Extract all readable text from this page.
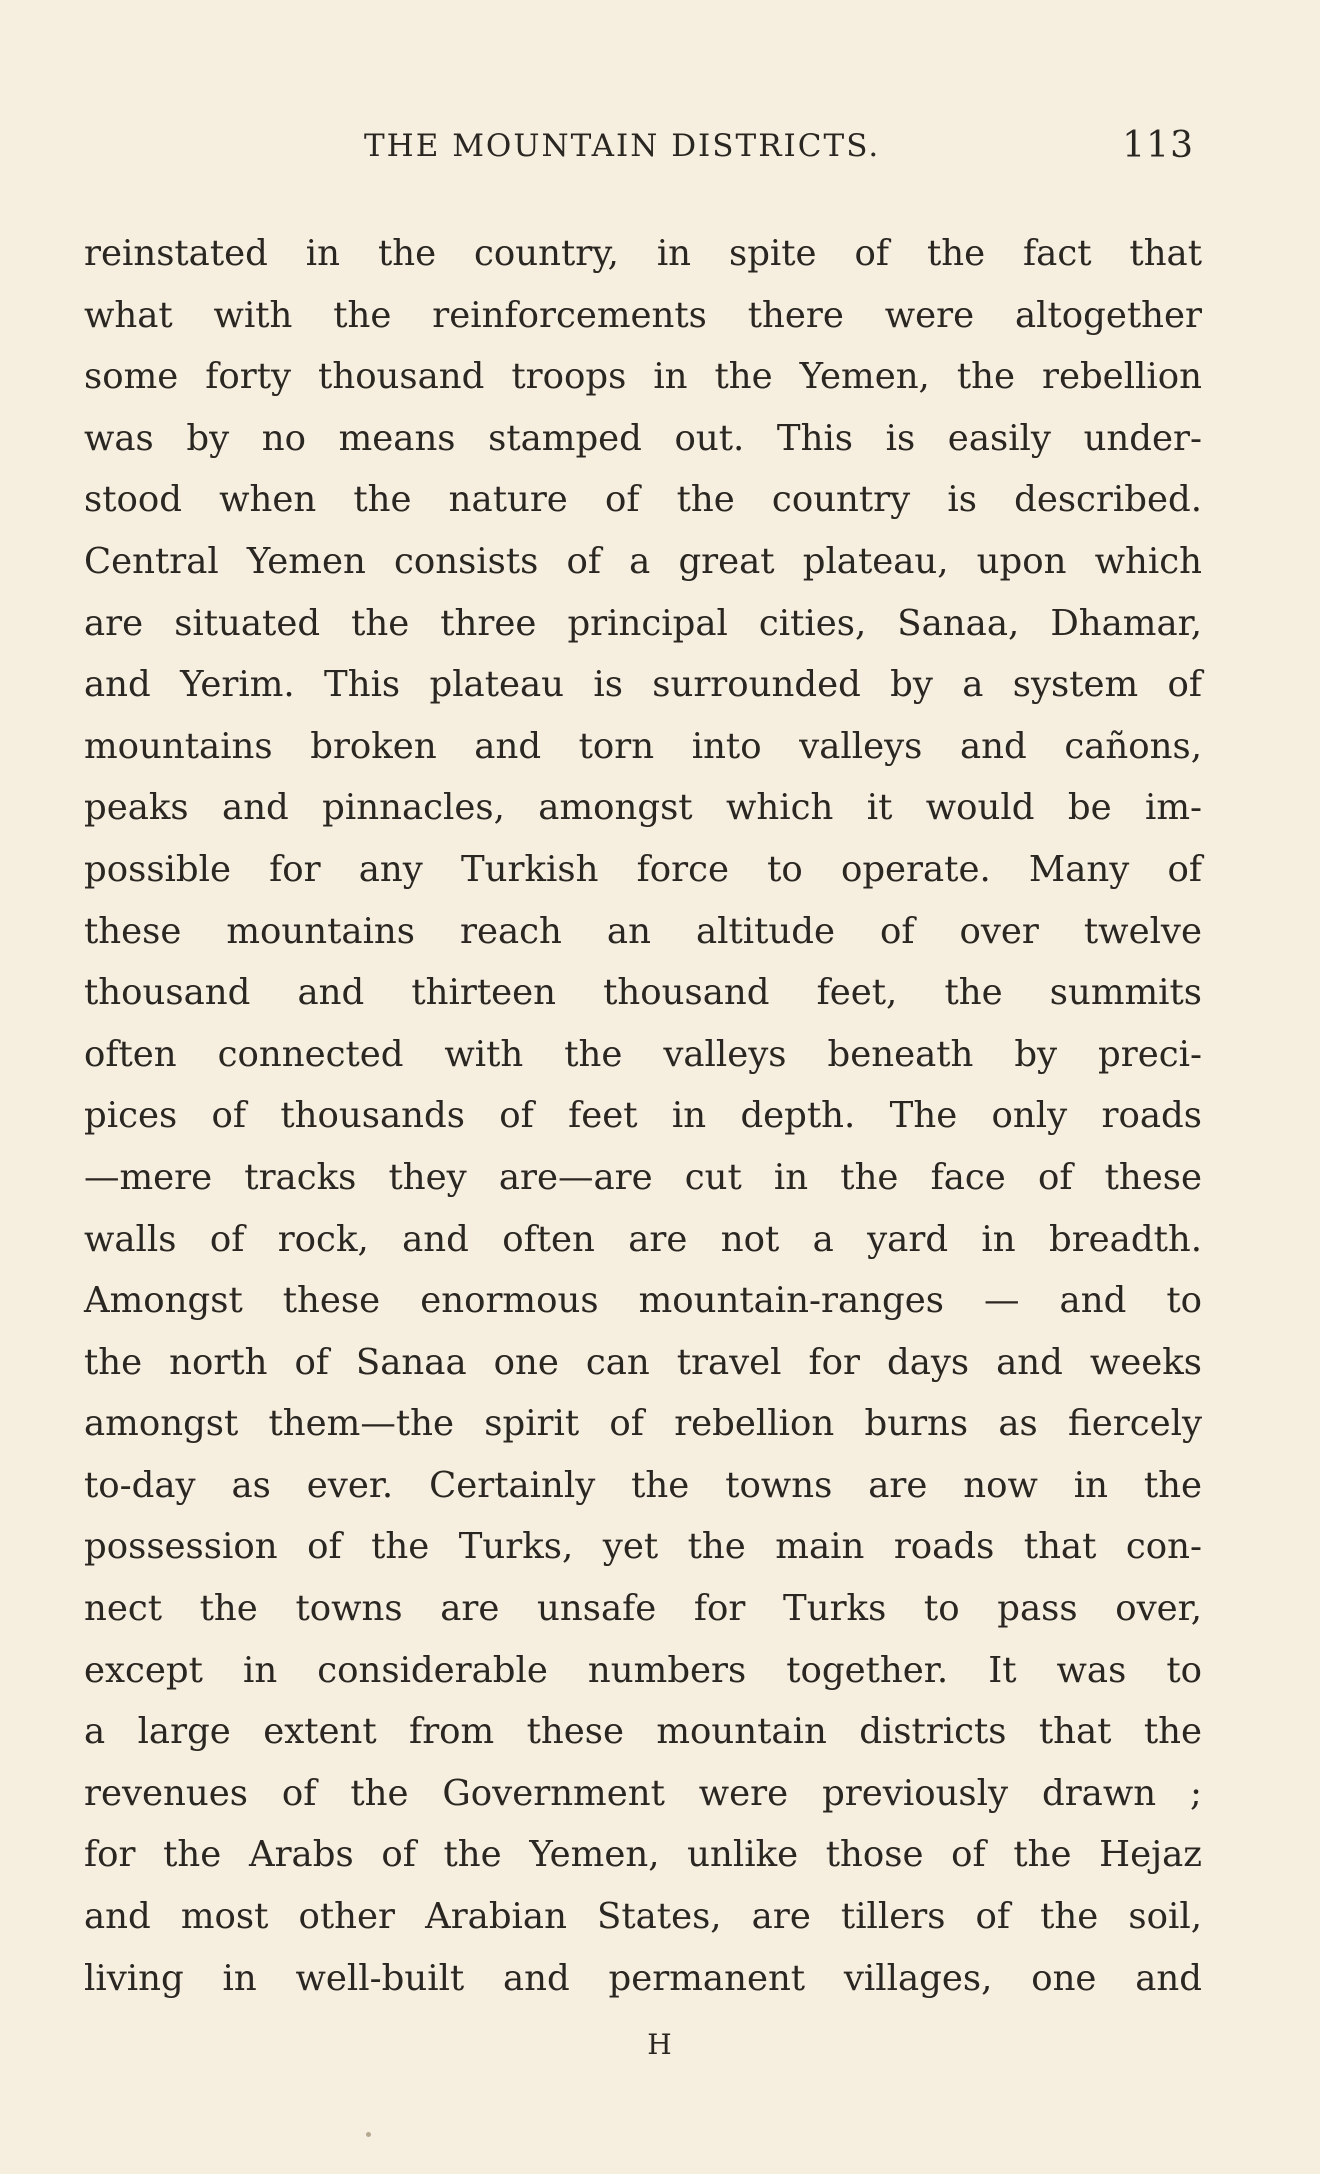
THE MOUNTAIN DISTRICTS.	113
reinstated in the country, in spite of the fact that
what with the reinforcements there were altogether
some forty thousand troops in the Yemen, the rebellion
was by no means stamped out. This is easily under-
stood when the nature of the country is described.
Central Yemen consists of a great plateau, upon which
are situated the three principal cities, Sanaa, Dhamar,
and Yerim. This plateau is surrounded by a system of
mountains broken and torn into valleys and cañons,
peaks and pinnacles, amongst which it would be im-
possible for any Turkish force to operate. Many of
these mountains reach an altitude of over twelve
thousand and thirteen thousand feet, the summits
often connected with the valleys beneath by preci-
pices of thousands of feet in depth. The only roads
—mere tracks they are—are cut in the face of these
walls of rock, and often are not a yard in breadth.
Amongst these enormous mountain-ranges — and to
the north of Sanaa one can travel for days and weeks
amongst them—the spirit of rebellion burns as fiercely
to-day as ever. Certainly the towns are now in the
possession of the Turks, yet the main roads that con-
nect the towns are unsafe for Turks to pass over,
except in considerable numbers together. It was to
a large extent from these mountain districts that the
revenues of the Government were previously drawn ;
for the Arabs of the Yemen, unlike those of the Hejaz
and most other Arabian States, are tillers of the soil,
living in well-built and permanent villages, one and
H
